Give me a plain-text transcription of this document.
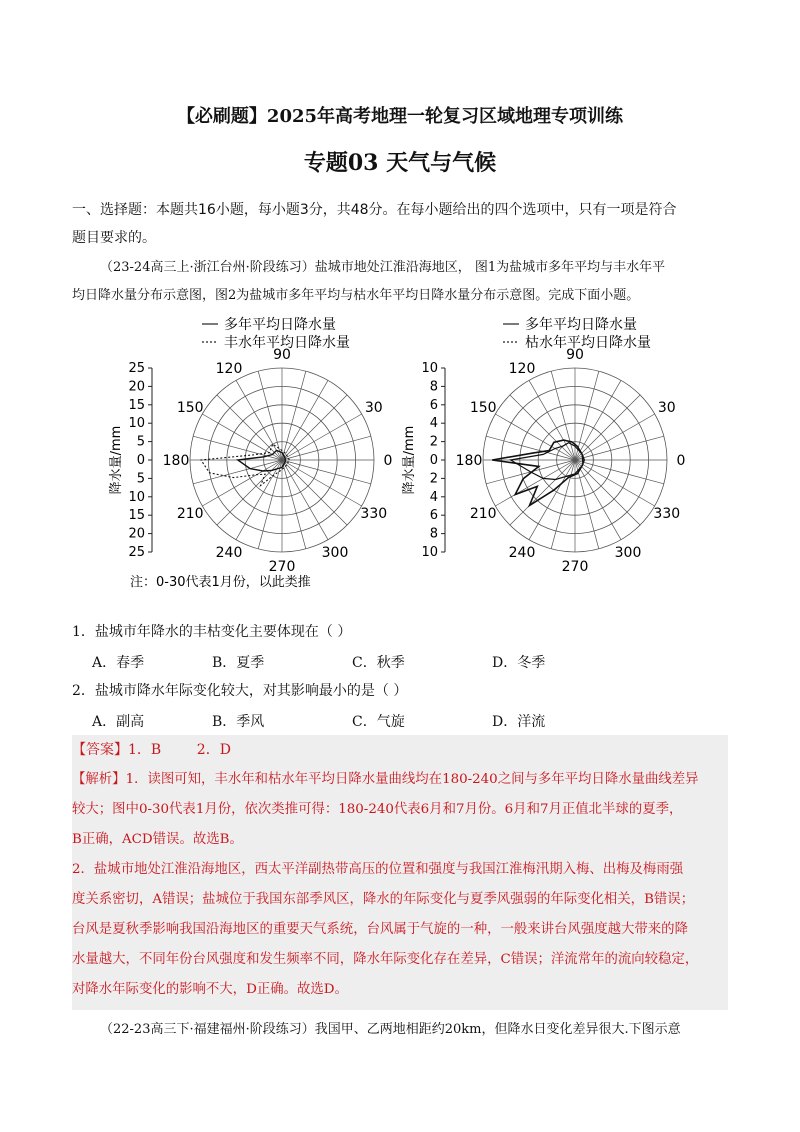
【必刷题】2025年高考地理一轮复习区域地理专项训练
专题03 天气与气候
一、选择题：本题共16小题，每小题3分，共48分。在每小题给出的四个选项中，只有一项是符合
题目要求的。
（23-24高三上·浙江台州·阶段练习）盐城市地处江淮沿海地区， 图1为盐城市多年平均与丰水年平
均日降水量分布示意图，图2为盐城市多年平均与枯水年平均日降水量分布示意图。完成下面小题。
多年平均日降水量
丰水年平均日降水量
多年平均日降水量
枯水年平均日降水量
90
120
150
180
210
240
270
300
330
0
30
25
20
15
10
5
0
5
10
15
20
25
降水量/mm
90
120
150
180
210
240
270
300
330
0
30
10
8
6
4
2
0
2
4
6
8
10
降水量/mm
注：0-30代表1月份，以此类推
1．盐城市年降水的丰枯变化主要体现在（ ）
A．春季	B．夏季	C．秋季	D．冬季
2．盐城市降水年际变化较大，对其影响最小的是（ ）
A．副高	B．季风	C．气旋	D．洋流
【答案】1．B        2．D
【解析】1．读图可知，丰水年和枯水年平均日降水量曲线均在180-240之间与多年平均日降水量曲线差异
较大；图中0-30代表1月份，依次类推可得：180-240代表6月和7月份。6月和7月正值北半球的夏季，
B正确，ACD错误。故选B。
2．盐城市地处江淮沿海地区，西太平洋副热带高压的位置和强度与我国江淮梅汛期入梅、出梅及梅雨强
度关系密切，A错误；盐城位于我国东部季风区，降水的年际变化与夏季风强弱的年际变化相关，B错误；
台风是夏秋季影响我国沿海地区的重要天气系统，台风属于气旋的一种，一般来讲台风强度越大带来的降
水量越大，不同年份台风强度和发生频率不同，降水年际变化存在差异，C错误；洋流常年的流向较稳定，
对降水年际变化的影响不大，D正确。故选D。
（22-23高三下·福建福州·阶段练习）我国甲、乙两地相距约20km，但降水日变化差异很大.下图示意
